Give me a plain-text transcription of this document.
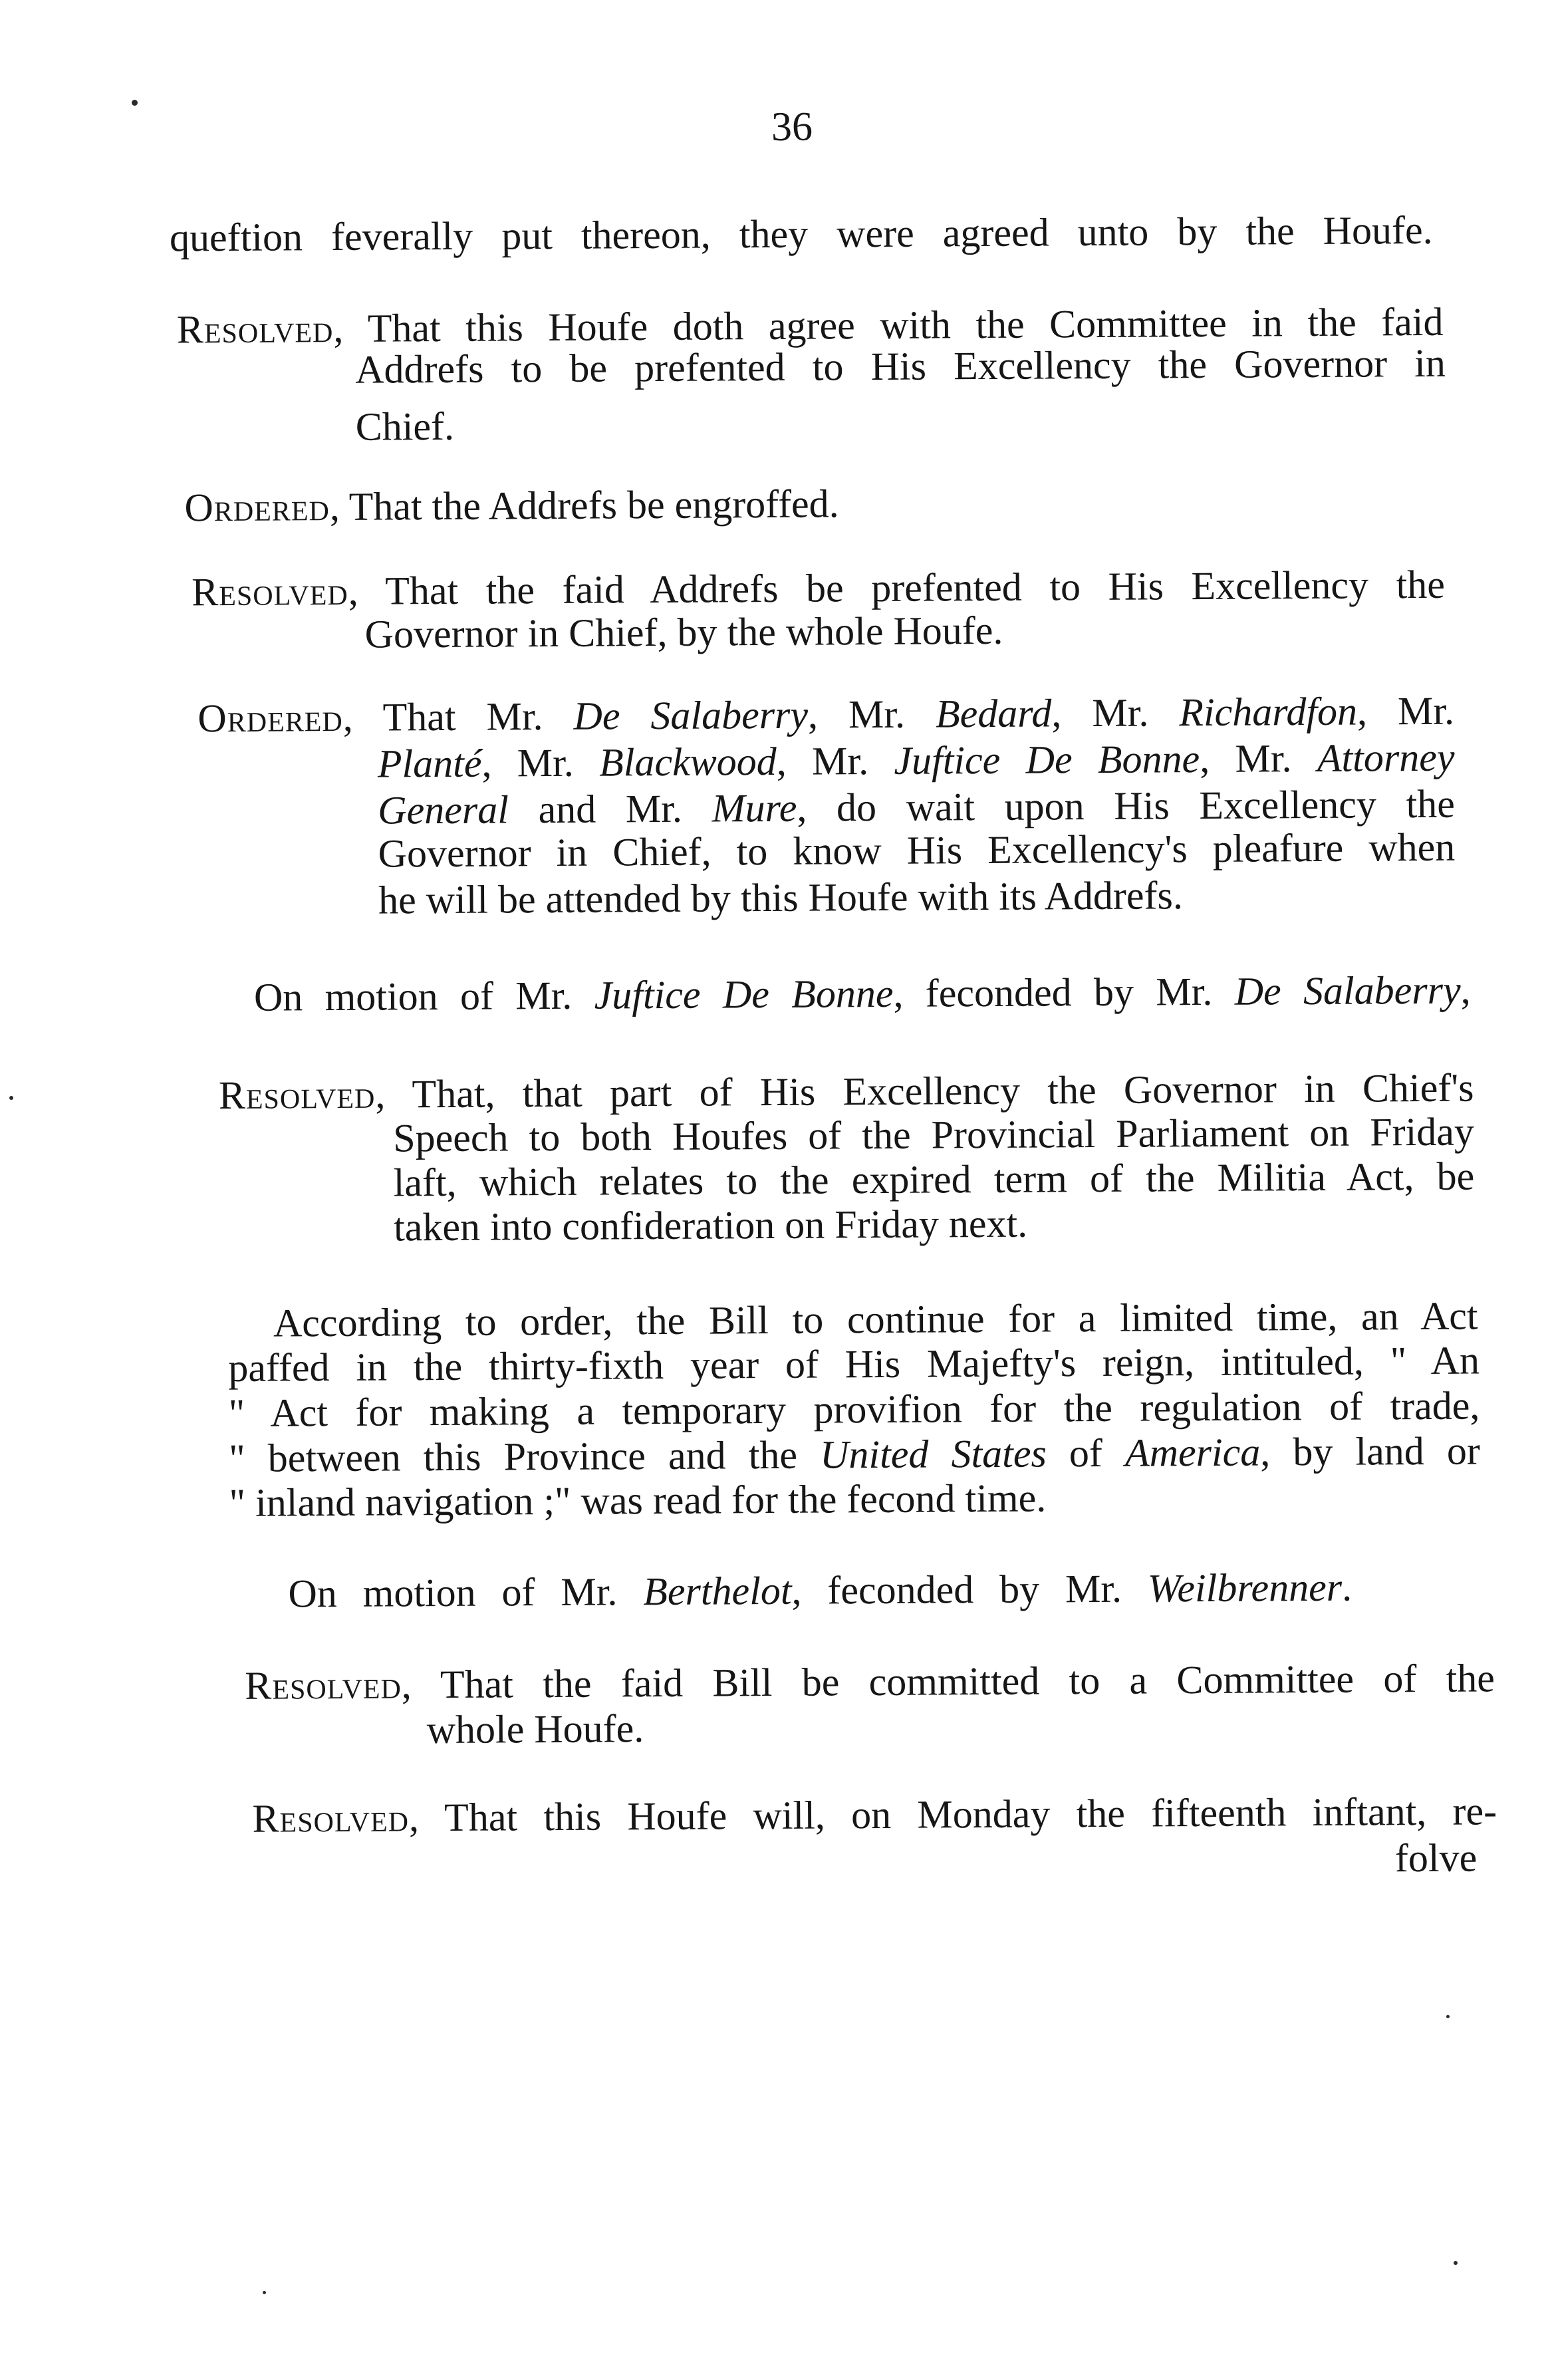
36
queftion feverally put thereon, they were agreed unto by the Houfe.
Resolved, That this Houfe doth agree with the Committee in the faid
Addrefs to be prefented to His Excellency the Governor in
Chief.
Ordered, That the Addrefs be engroffed.
Resolved, That the faid Addrefs be prefented to His Excellency the
Governor in Chief, by the whole Houfe.
Ordered, That Mr. De Salaberry, Mr. Bedard, Mr. Richardfon, Mr.
Planté, Mr. Blackwood, Mr. Juftice De Bonne, Mr. Attorney
General and Mr. Mure, do wait upon His Excellency the
Governor in Chief, to know His Excellency's pleafure when
he will be attended by this Houfe with its Addrefs.
On motion of Mr. Juftice De Bonne, feconded by Mr. De Salaberry,
Resolved, That, that part of His Excellency the Governor in Chief's
Speech to both Houfes of the Provincial Parliament on Friday
laft, which relates to the expired term of the Militia Act, be
taken into confideration on Friday next.
According to order, the Bill to continue for a limited time, an Act
paffed in the thirty-fixth year of His Majefty's reign, intituled, " An
" Act for making a temporary provifion for the regulation of trade,
" between this Province and the United States of America, by land or
" inland navigation ;" was read for the fecond time.
On motion of Mr. Berthelot, feconded by Mr. Weilbrenner.
Resolved, That the faid Bill be committed to a Committee of the
whole Houfe.
Resolved, That this Houfe will, on Monday the fifteenth inftant, re-
folve
